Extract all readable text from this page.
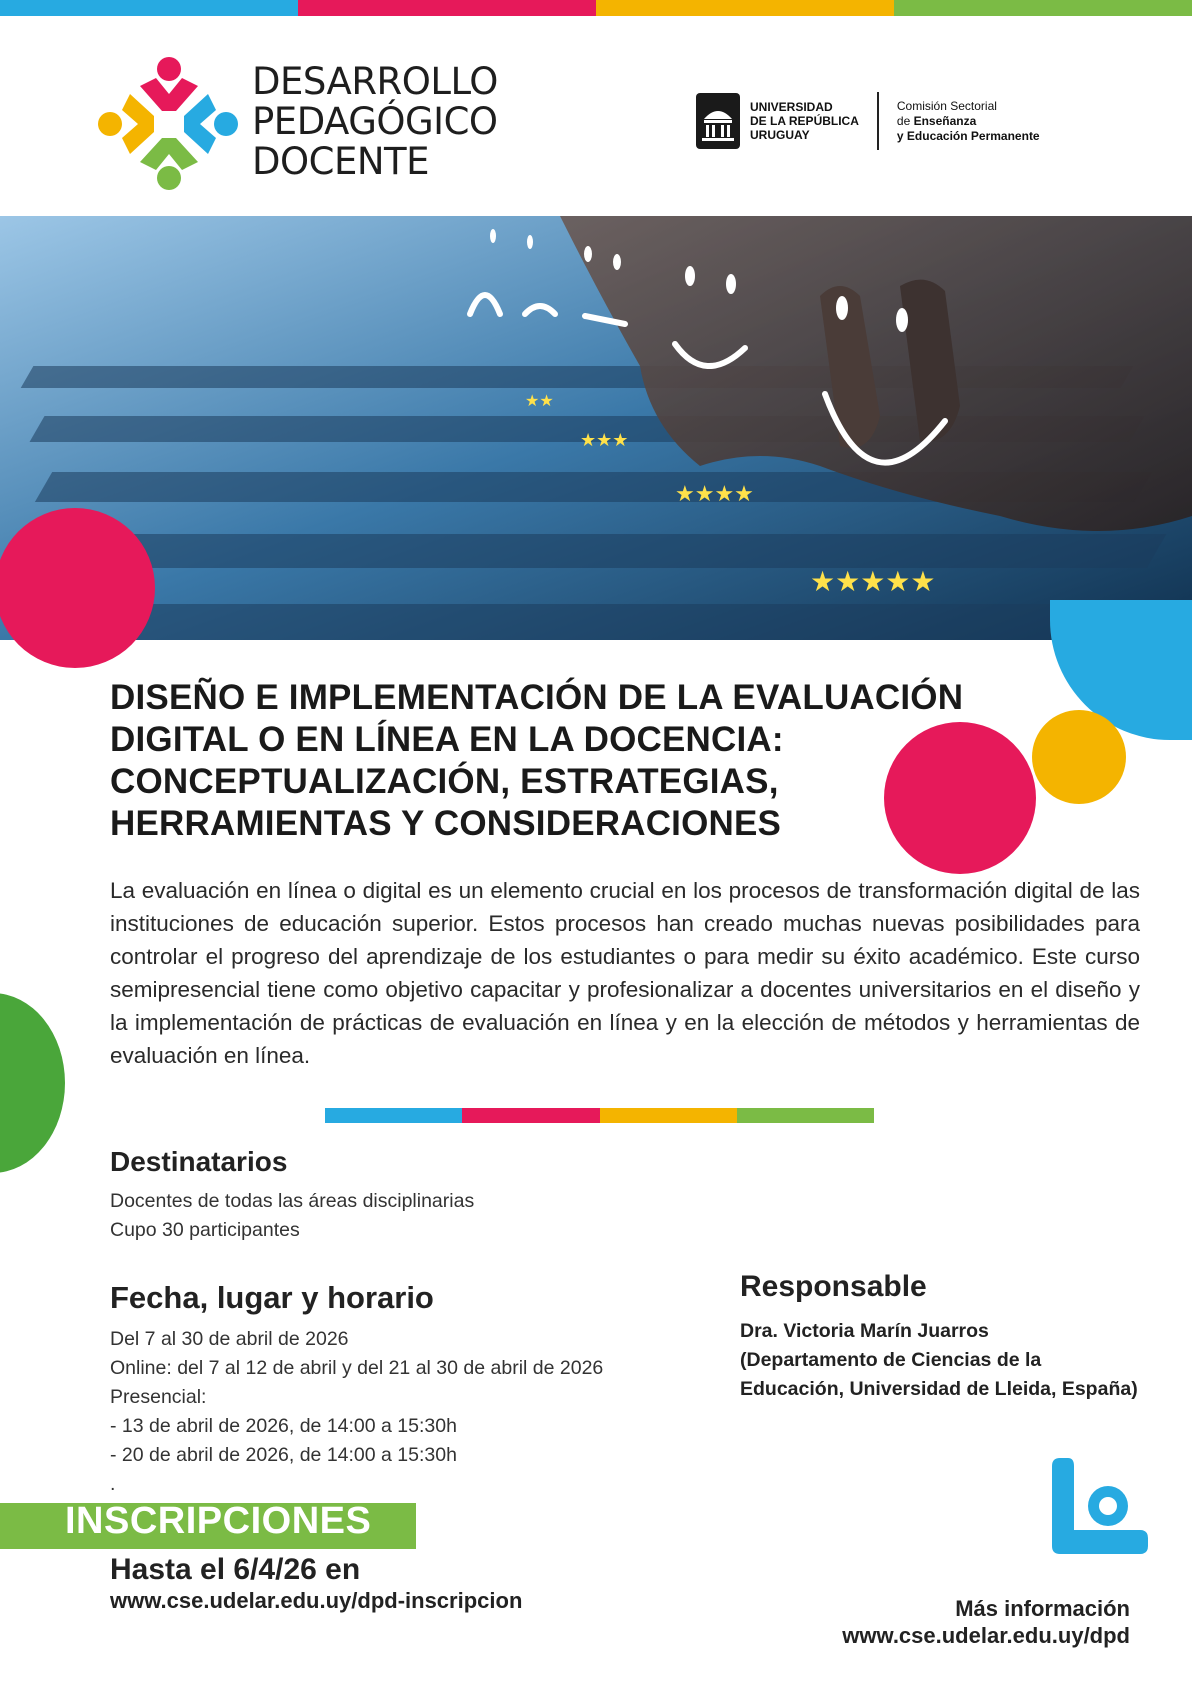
DESARROLLO
PEDAGÓGICO
DOCENTE
UNIVERSIDAD
DE LA REPÚBLICA
URUGUAY
Comisión Sectorial
de Enseñanza
y Educación Permanente
★★
★★★
★★★★
★★★★★
DISEÑO E IMPLEMENTACIÓN DE LA EVALUACIÓN
DIGITAL O EN LÍNEA EN LA DOCENCIA:
CONCEPTUALIZACIÓN, ESTRATEGIAS,
HERRAMIENTAS Y CONSIDERACIONES
La evaluación en línea o digital es un elemento crucial en los procesos de transformación digital de las instituciones de educación superior. Estos procesos han creado muchas nuevas posibilidades para controlar el progreso del aprendizaje de los estudiantes o para medir su éxito académico. Este curso semipresencial tiene como objetivo capacitar y profesionalizar a docentes universitarios en el diseño y la implementación de prácticas de evaluación en línea y en la elección de métodos y herramientas de evaluación en línea.
Destinatarios
Docentes de todas las áreas disciplinarias
Cupo 30 participantes
Fecha, lugar y horario
Del 7 al 30 de abril de 2026
Online: del 7 al 12 de abril y del 21 al 30 de abril de 2026
Presencial:
- 13 de abril de 2026, de 14:00 a 15:30h
- 20 de abril de 2026, de 14:00 a 15:30h
.
Responsable
Dra. Victoria Marín Juarros
(Departamento de Ciencias de la
Educación, Universidad de Lleida, España)
INSCRIPCIONES
Hasta el 6/4/26 en
www.cse.udelar.edu.uy/dpd-inscripcion	Más información
www.cse.udelar.edu.uy/dpd
